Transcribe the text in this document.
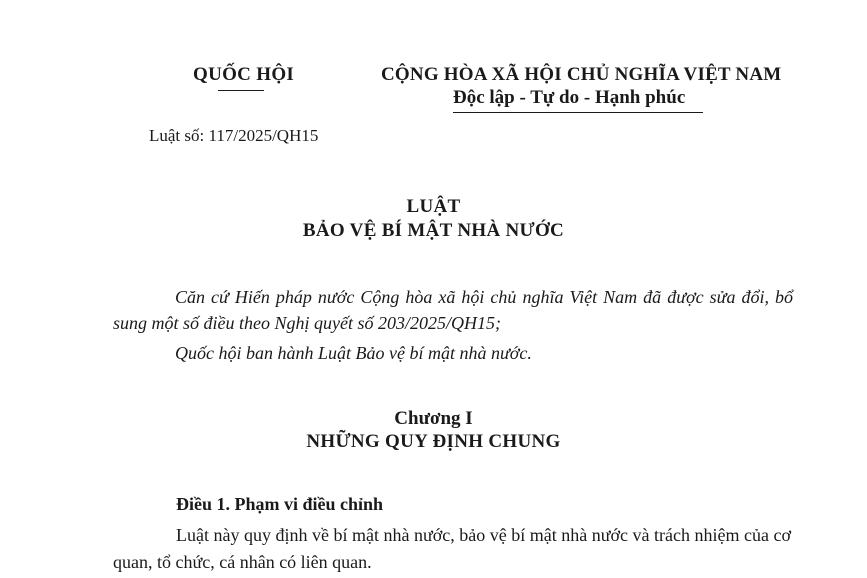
QUỐC HỘI	CỘNG HÒA XÃ HỘI CHỦ NGHĨA VIỆT NAM
Độc lập - Tự do - Hạnh phúc
Luật số: 117/2025/QH15
LUẬT
BẢO VỆ BÍ MẬT NHÀ NƯỚC
Căn cứ Hiến pháp nước Cộng hòa xã hội chủ nghĩa Việt Nam đã được sửa đổi, bổ sung một số điều theo Nghị quyết số 203/2025/QH15;
Quốc hội ban hành Luật Bảo vệ bí mật nhà nước.
Chương I
NHỮNG QUY ĐỊNH CHUNG
Điều 1. Phạm vi điều chỉnh
Luật này quy định về bí mật nhà nước, bảo vệ bí mật nhà nước và trách nhiệm của cơ quan, tổ chức, cá nhân có liên quan.
